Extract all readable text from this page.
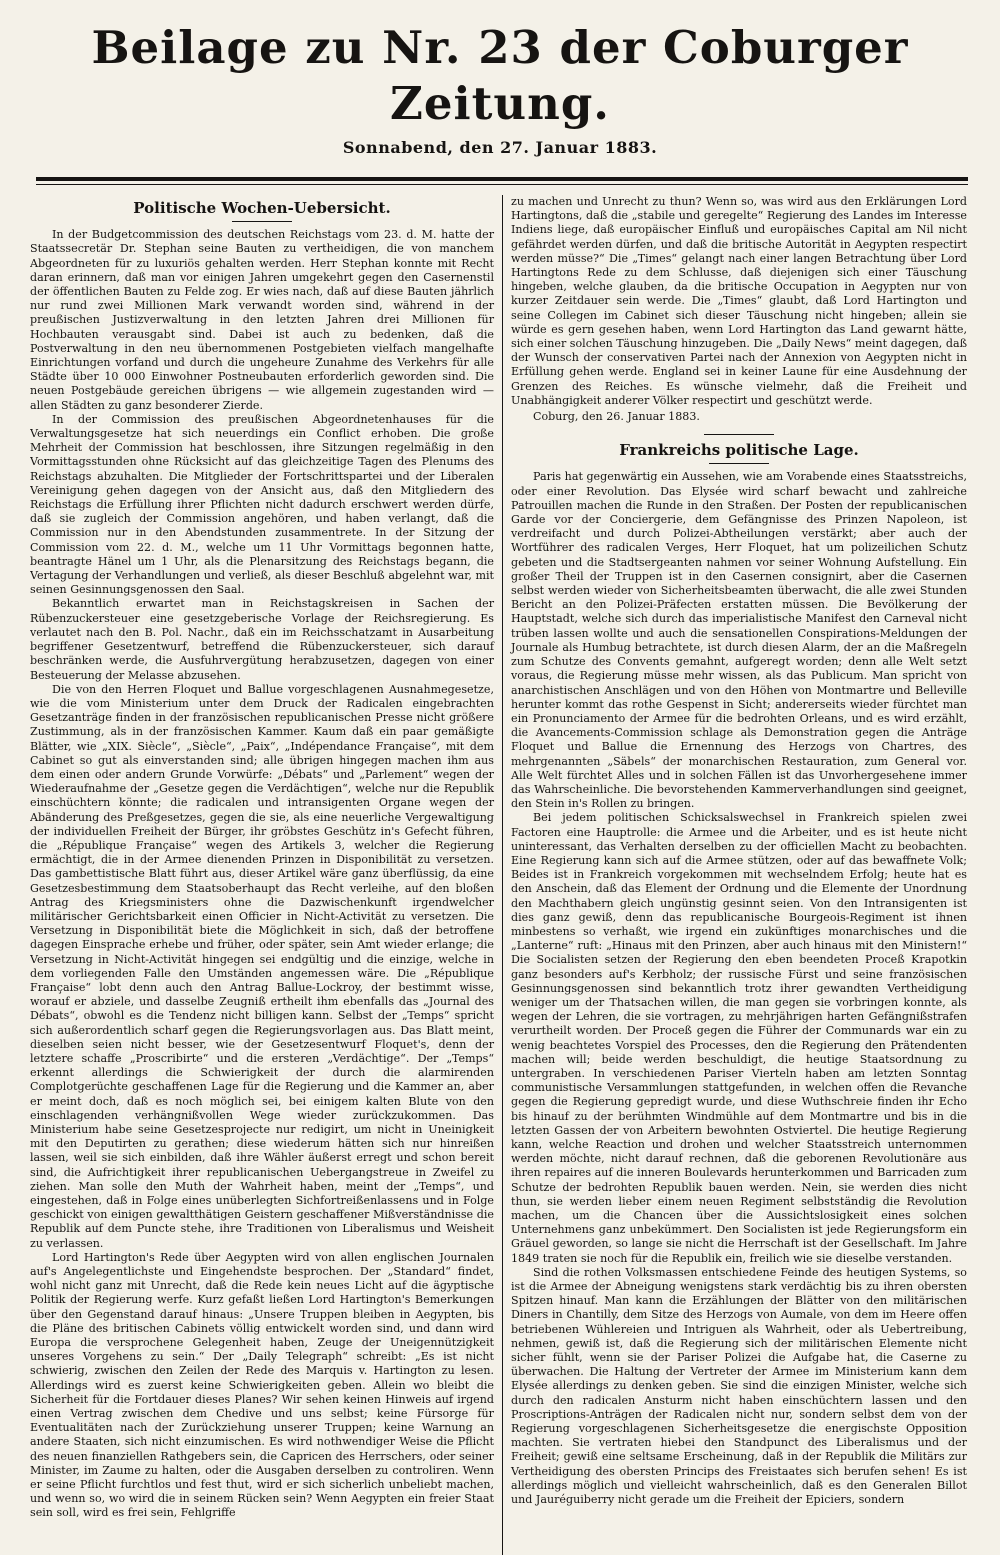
Beilage zu Nr. 23 der Coburger Zeitung.
Sonnabend, den 27. Januar 1883.
Politische Wochen-Uebersicht.

In der Budgetcommission des deutschen Reichstags vom 23. d. M. hatte der Staatssecretär Dr. Stephan seine Bauten zu vertheidigen, die von manchem Abgeordneten für zu luxuriös gehalten werden. Herr Stephan konnte mit Recht daran erinnern, daß man vor einigen Jahren umgekehrt gegen den Casernenstil der öffentlichen Bauten zu Felde zog. Er wies nach, daß auf diese Bauten jährlich nur rund zwei Millionen Mark verwandt worden sind, während in der preußischen Justizverwaltung in den letzten Jahren drei Millionen für Hochbauten verausgabt sind. Dabei ist auch zu bedenken, daß die Postverwaltung in den neu übernommenen Postgebieten vielfach mangelhafte Einrichtungen vorfand und durch die ungeheure Zunahme des Verkehrs für alle Städte über 10 000 Einwohner Postneubauten erforderlich geworden sind. Die neuen Postgebäude gereichen übrigens — wie allgemein zugestanden wird — allen Städten zu ganz besonderer Zierde.

In der Commission des preußischen Abgeordnetenhauses für die Verwaltungsgesetze hat sich neuerdings ein Conflict erhoben. Die große Mehrheit der Commission hat beschlossen, ihre Sitzungen regelmäßig in den Vormittagsstunden ohne Rücksicht auf das gleichzeitige Tagen des Plenums des Reichstags abzuhalten. Die Mitglieder der Fortschrittspartei und der Liberalen Vereinigung gehen dagegen von der Ansicht aus, daß den Mitgliedern des Reichstags die Erfüllung ihrer Pflichten nicht dadurch erschwert werden dürfe, daß sie zugleich der Commission angehören, und haben verlangt, daß die Commission nur in den Abendstunden zusammentrete. In der Sitzung der Commission vom 22. d. M., welche um 11 Uhr Vormittags begonnen hatte, beantragte Hänel um 1 Uhr, als die Plenarsitzung des Reichstags begann, die Vertagung der Verhandlungen und verließ, als dieser Beschluß abgelehnt war, mit seinen Gesinnungsgenossen den Saal.

Bekanntlich erwartet man in Reichstagskreisen in Sachen der Rübenzuckersteuer eine gesetzgeberische Vorlage der Reichsregierung. Es verlautet nach den B. Pol. Nachr., daß ein im Reichsschatzamt in Ausarbeitung begriffener Gesetzentwurf, betreffend die Rübenzuckersteuer, sich darauf beschränken werde, die Ausfuhrvergütung herabzusetzen, dagegen von einer Besteuerung der Melasse abzusehen.

Die von den Herren Floquet und Ballue vorgeschlagenen Ausnahmegesetze, wie die vom Ministerium unter dem Druck der Radicalen eingebrachten Gesetzanträge finden in der französischen republicanischen Presse nicht größere Zustimmung, als in der französischen Kammer. Kaum daß ein paar gemäßigte Blätter, wie „XIX. Siècle“, „Siècle“, „Paix“, „Indépendance Française“, mit dem Cabinet so gut als einverstanden sind; alle übrigen hingegen machen ihm aus dem einen oder andern Grunde Vorwürfe: „Débats“ und „Parlement“ wegen der Wiederaufnahme der „Gesetze gegen die Verdächtigen“, welche nur die Republik einschüchtern könnte; die radicalen und intransigenten Organe wegen der Abänderung des Preßgesetzes, gegen die sie, als eine neuerliche Vergewaltigung der individuellen Freiheit der Bürger, ihr gröbstes Geschütz in's Gefecht führen, die „République Française“ wegen des Artikels 3, welcher die Regierung ermächtigt, die in der Armee dienenden Prinzen in Disponibilität zu versetzen. Das gambettistische Blatt führt aus, dieser Artikel wäre ganz überflüssig, da eine Gesetzesbestimmung dem Staatsoberhaupt das Recht verleihe, auf den bloßen Antrag des Kriegsministers ohne die Dazwischenkunft irgendwelcher militärischer Gerichtsbarkeit einen Officier in Nicht-Activität zu versetzen. Die Versetzung in Disponibilität biete die Möglichkeit in sich, daß der betroffene dagegen Einsprache erhebe und früher, oder später, sein Amt wieder erlange; die Versetzung in Nicht-Activität hingegen sei endgültig und die einzige, welche in dem vorliegenden Falle den Umständen angemessen wäre. Die „République Française“ lobt denn auch den Antrag Ballue-Lockroy, der bestimmt wisse, worauf er abziele, und dasselbe Zeugniß ertheilt ihm ebenfalls das „Journal des Débats“, obwohl es die Tendenz nicht billigen kann. Selbst der „Temps“ spricht sich außerordentlich scharf gegen die Regierungsvorlagen aus. Das Blatt meint, dieselben seien nicht besser, wie der Gesetzesentwurf Floquet's, denn der letztere schaffe „Proscribirte“ und die ersteren „Verdächtige“. Der „Temps“ erkennt allerdings die Schwierigkeit der durch die alarmirenden Complotgerüchte geschaffenen Lage für die Regierung und die Kammer an, aber er meint doch, daß es noch möglich sei, bei einigem kalten Blute von den einschlagenden verhängnißvollen Wege wieder zurückzukommen. Das Ministerium habe seine Gesetzesprojecte nur redigirt, um nicht in Uneinigkeit mit den Deputirten zu gerathen; diese wiederum hätten sich nur hinreißen lassen, weil sie sich einbilden, daß ihre Wähler äußerst erregt und schon bereit sind, die Aufrichtigkeit ihrer republicanischen Uebergangstreue in Zweifel zu ziehen. Man solle den Muth der Wahrheit haben, meint der „Temps“, und eingestehen, daß in Folge eines unüberlegten Sichfortreißenlassens und in Folge geschickt von einigen gewaltthätigen Geistern geschaffener Mißverständnisse die Republik auf dem Puncte stehe, ihre Traditionen von Liberalismus und Weisheit zu verlassen.

Lord Hartington's Rede über Aegypten wird von allen englischen Journalen auf's Angelegentlichste und Eingehendste besprochen. Der „Standard“ findet, wohl nicht ganz mit Unrecht, daß die Rede kein neues Licht auf die ägyptische Politik der Regierung werfe. Kurz gefaßt ließen Lord Hartington's Bemerkungen über den Gegenstand darauf hinaus: „Unsere Truppen bleiben in Aegypten, bis die Pläne des britischen Cabinets völlig entwickelt worden sind, und dann wird Europa die versprochene Gelegenheit haben, Zeuge der Uneigennützigkeit unseres Vorgehens zu sein.“ Der „Daily Telegraph“ schreibt: „Es ist nicht schwierig, zwischen den Zeilen der Rede des Marquis v. Hartington zu lesen. Allerdings wird es zuerst keine Schwierigkeiten geben. Allein wo bleibt die Sicherheit für die Fortdauer dieses Planes? Wir sehen keinen Hinweis auf irgend einen Vertrag zwischen dem Chedive und uns selbst; keine Fürsorge für Eventualitäten nach der Zurückziehung unserer Truppen; keine Warnung an andere Staaten, sich nicht einzumischen. Es wird nothwendiger Weise die Pflicht des neuen finanziellen Rathgebers sein, die Capricen des Herrschers, oder seiner Minister, im Zaume zu halten, oder die Ausgaben derselben zu controliren. Wenn er seine Pflicht furchtlos und fest thut, wird er sich sicherlich unbeliebt machen, und wenn so, wo wird die in seinem Rücken sein? Wenn Aegypten ein freier Staat sein soll, wird es frei sein, Fehlgriffe

zu machen und Unrecht zu thun? Wenn so, was wird aus den Erklärungen Lord Hartingtons, daß die „stabile und geregelte“ Regierung des Landes im Interesse Indiens liege, daß europäischer Einfluß und europäisches Capital am Nil nicht gefährdet werden dürfen, und daß die britische Autorität in Aegypten respectirt werden müsse?“ Die „Times“ gelangt nach einer langen Betrachtung über Lord Hartingtons Rede zu dem Schlusse, daß diejenigen sich einer Täuschung hingeben, welche glauben, da die britische Occupation in Aegypten nur von kurzer Zeitdauer sein werde. Die „Times“ glaubt, daß Lord Hartington und seine Collegen im Cabinet sich dieser Täuschung nicht hingeben; allein sie würde es gern gesehen haben, wenn Lord Hartington das Land gewarnt hätte, sich einer solchen Täuschung hinzugeben. Die „Daily News“ meint dagegen, daß der Wunsch der conservativen Partei nach der Annexion von Aegypten nicht in Erfüllung gehen werde. England sei in keiner Laune für eine Ausdehnung der Grenzen des Reiches. Es wünsche vielmehr, daß die Freiheit und Unabhängigkeit anderer Völker respectirt und geschützt werde.

Coburg, den 26. Januar 1883.

Frankreichs politische Lage.

Paris hat gegenwärtig ein Aussehen, wie am Vorabende eines Staatsstreichs, oder einer Revolution. Das Elysée wird scharf bewacht und zahlreiche Patrouillen machen die Runde in den Straßen. Der Posten der republicanischen Garde vor der Conciergerie, dem Gefängnisse des Prinzen Napoleon, ist verdreifacht und durch Polizei-Abtheilungen verstärkt; aber auch der Wortführer des radicalen Verges, Herr Floquet, hat um polizeilichen Schutz gebeten und die Stadtsergeanten nahmen vor seiner Wohnung Aufstellung. Ein großer Theil der Truppen ist in den Casernen consignirt, aber die Casernen selbst werden wieder von Sicherheitsbeamten überwacht, die alle zwei Stunden Bericht an den Polizei-Präfecten erstatten müssen. Die Bevölkerung der Hauptstadt, welche sich durch das imperialistische Manifest den Carneval nicht trüben lassen wollte und auch die sensationellen Conspirations-Meldungen der Journale als Humbug betrachtete, ist durch diesen Alarm, der an die Maßregeln zum Schutze des Convents gemahnt, aufgeregt worden; denn alle Welt setzt voraus, die Regierung müsse mehr wissen, als das Publicum. Man spricht von anarchistischen Anschlägen und von den Höhen von Montmartre und Belleville herunter kommt das rothe Gespenst in Sicht; andererseits wieder fürchtet man ein Pronunciamento der Armee für die bedrohten Orleans, und es wird erzählt, die Avancements-Commission schlage als Demonstration gegen die Anträge Floquet und Ballue die Ernennung des Herzogs von Chartres, des mehrgenannten „Säbels“ der monarchischen Restauration, zum General vor. Alle Welt fürchtet Alles und in solchen Fällen ist das Unvorhergesehene immer das Wahrscheinliche. Die bevorstehenden Kammerverhandlungen sind geeignet, den Stein in's Rollen zu bringen.

Bei jedem politischen Schicksalswechsel in Frankreich spielen zwei Factoren eine Hauptrolle: die Armee und die Arbeiter, und es ist heute nicht uninteressant, das Verhalten derselben zu der officiellen Macht zu beobachten. Eine Regierung kann sich auf die Armee stützen, oder auf das bewaffnete Volk; Beides ist in Frankreich vorgekommen mit wechselndem Erfolg; heute hat es den Anschein, daß das Element der Ordnung und die Elemente der Unordnung den Machthabern gleich ungünstig gesinnt seien. Von den Intransigenten ist dies ganz gewiß, denn das republicanische Bourgeois-Regiment ist ihnen minbestens so verhaßt, wie irgend ein zukünftiges monarchisches und die „Lanterne“ ruft: „Hinaus mit den Prinzen, aber auch hinaus mit den Ministern!“ Die Socialisten setzen der Regierung den eben beendeten Proceß Krapotkin ganz besonders auf's Kerbholz; der russische Fürst und seine französischen Gesinnungsgenossen sind bekanntlich trotz ihrer gewandten Vertheidigung weniger um der Thatsachen willen, die man gegen sie vorbringen konnte, als wegen der Lehren, die sie vortragen, zu mehrjährigen harten Gefängnißstrafen verurtheilt worden. Der Proceß gegen die Führer der Communards war ein zu wenig beachtetes Vorspiel des Processes, den die Regierung den Prätendenten machen will; beide werden beschuldigt, die heutige Staatsordnung zu untergraben. In verschiedenen Pariser Vierteln haben am letzten Sonntag communistische Versammlungen stattgefunden, in welchen offen die Revanche gegen die Regierung gepredigt wurde, und diese Wuthschreie finden ihr Echo bis hinauf zu der berühmten Windmühle auf dem Montmartre und bis in die letzten Gassen der von Arbeitern bewohnten Ostviertel. Die heutige Regierung kann, welche Reaction und drohen und welcher Staatsstreich unternommen werden möchte, nicht darauf rechnen, daß die geborenen Revolutionäre aus ihren repaires auf die inneren Boulevards herunterkommen und Barricaden zum Schutze der bedrohten Republik bauen werden. Nein, sie werden dies nicht thun, sie werden lieber einem neuen Regiment selbstständig die Revolution machen, um die Chancen über die Aussichtslosigkeit eines solchen Unternehmens ganz unbekümmert. Den Socialisten ist jede Regierungsform ein Gräuel geworden, so lange sie nicht die Herrschaft ist der Gesellschaft. Im Jahre 1849 traten sie noch für die Republik ein, freilich wie sie dieselbe verstanden.

Sind die rothen Volksmassen entschiedene Feinde des heutigen Systems, so ist die Armee der Abneigung wenigstens stark verdächtig bis zu ihren obersten Spitzen hinauf. Man kann die Erzählungen der Blätter von den militärischen Diners in Chantilly, dem Sitze des Herzogs von Aumale, von dem im Heere offen betriebenen Wühlereien und Intriguen als Wahrheit, oder als Uebertreibung, nehmen, gewiß ist, daß die Regierung sich der militärischen Elemente nicht sicher fühlt, wenn sie der Pariser Polizei die Aufgabe hat, die Caserne zu überwachen. Die Haltung der Vertreter der Armee im Ministerium kann dem Elysée allerdings zu denken geben. Sie sind die einzigen Minister, welche sich durch den radicalen Ansturm nicht haben einschüchtern lassen und den Proscriptions-Anträgen der Radicalen nicht nur, sondern selbst dem von der Regierung vorgeschlagenen Sicherheitsgesetze die energischste Opposition machten. Sie vertraten hiebei den Standpunct des Liberalismus und der Freiheit; gewiß eine seltsame Erscheinung, daß in der Republik die Militärs zur Vertheidigung des obersten Princips des Freistaates sich berufen sehen! Es ist allerdings möglich und vielleicht wahrscheinlich, daß es den Generalen Billot und Jauréguiberry nicht gerade um die Freiheit der Epiciers, sondern
